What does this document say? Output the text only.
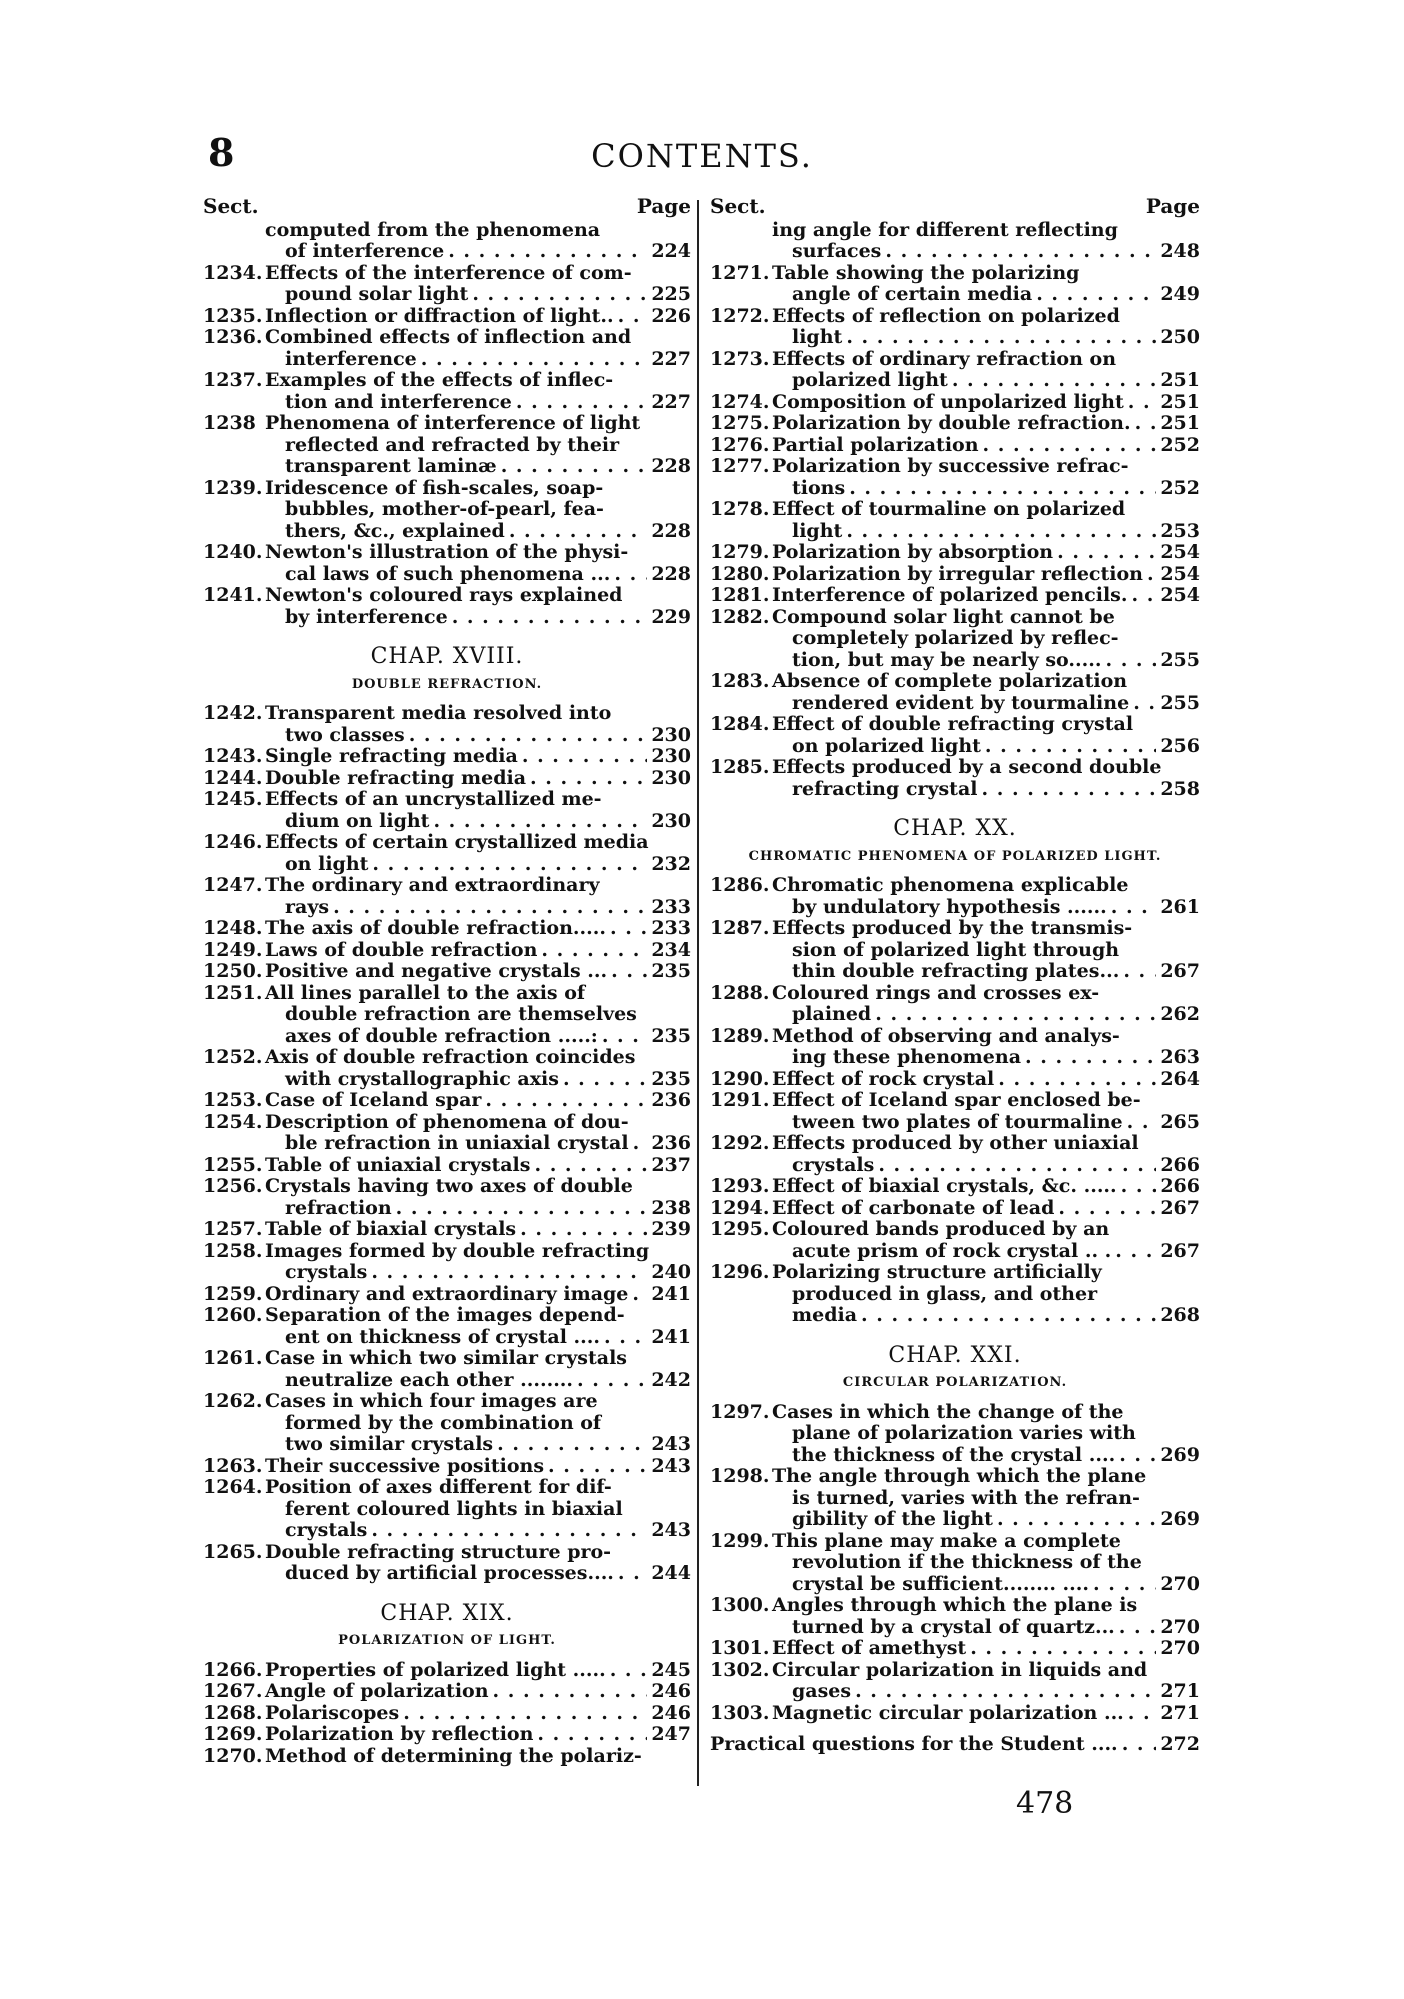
8	CONTENTS.
Sect.	Page
computed from the phenomena
of interference . . .	224
1234. Effects of the interference of com-
pound solar light . . .	225
1235. Inflection or diffraction of light.. . . . 226
1236. Combined effects of inflection and
interference . . .	227
1237. Examples of the effects of inflec-
tion and interference . . .	227
1238 Phenomena of interference of light
reflected and refracted by their
transparent laminæ . . .	228
1239. Iridescence of fish-scales, soap-
bubbles, mother-of-pearl, fea-
thers, &c., explained . . .	228
1240. Newton's illustration of the physi-
cal laws of such phenomena ... . . . 228
1241. Newton's coloured rays explained
by interference . . .	229
CHAP. XVIII.
DOUBLE REFRACTION.
1242. Transparent media resolved into
two classes . . .	230
1243. Single refracting media . . .	230
1244. Double refracting media . . .	230
1245. Effects of an uncrystallized me-
dium on light . . .	230
1246. Effects of certain crystallized media
on light . . .	232
1247. The ordinary and extraordinary
rays . . .	233
1248. The axis of double refraction..... . . . 233
1249. Laws of double refraction . . .	234
1250. Positive and negative crystals ... . . . 235
1251. All lines parallel to the axis of
double refraction are themselves
axes of double refraction .....: . . .	235
1252. Axis of double refraction coincides
with crystallographic axis . . .	235
1253. Case of Iceland spar . . .	236
1254. Description of phenomena of dou-
ble refraction in uniaxial crystal . . . 236
1255. Table of uniaxial crystals . . .	237
1256. Crystals having two axes of double
refraction . . .	238
1257. Table of biaxial crystals . . .	239
1258. Images formed by double refracting
crystals . . .	240
1259. Ordinary and extraordinary image . . . 241
1260. Separation of the images depend-
ent on thickness of crystal .... . . .	241
1261. Case in which two similar crystals
neutralize each other ........ . . .	242
1262. Cases in which four images are
formed by the combination of
two similar crystals . . .	243
1263. Their successive positions . . .	243
1264. Position of axes different for dif-
ferent coloured lights in biaxial
crystals . . .	243
1265. Double refracting structure pro-
duced by artificial processes.... . . . 244
CHAP. XIX.
POLARIZATION OF LIGHT.
1266. Properties of polarized light ..... . . . 245
1267. Angle of polarization . . .	246
1268. Polariscopes . . .	246
1269. Polarization by reflection . . .	247
1270. Method of determining the polariz-
Sect.	Page
ing angle for different reflecting
surfaces . . .	248
1271. Table showing the polarizing
angle of certain media . . .	249
1272. Effects of reflection on polarized
light . . .	250
1273. Effects of ordinary refraction on
polarized light . . .	251
1274. Composition of unpolarized light . . . 251
1275. Polarization by double refraction. . . . 251
1276. Partial polarization . . .	252
1277. Polarization by successive refrac-
tions . . .	252
1278. Effect of tourmaline on polarized
light . . .	253
1279. Polarization by absorption . . .	254
1280. Polarization by irregular reflection . . . 254
1281. Interference of polarized pencils. . . . 254
1282. Compound solar light cannot be
completely polarized by reflec-
tion, but may be nearly so..... . . .	255
1283. Absence of complete polarization
rendered evident by tourmaline . . . 255
1284. Effect of double refracting crystal
on polarized light . . .	256
1285. Effects produced by a second double
refracting crystal . . .	258
CHAP. XX.
CHROMATIC PHENOMENA OF POLARIZED LIGHT.
1286. Chromatic phenomena explicable
by undulatory hypothesis ...... . . .	261
1287. Effects produced by the transmis-
sion of polarized light through
thin double refracting plates... . . . 267
1288. Coloured rings and crosses ex-
plained . . .	262
1289. Method of observing and analys-
ing these phenomena . . .	263
1290. Effect of rock crystal . . .	264
1291. Effect of Iceland spar enclosed be-
tween two plates of tourmaline . . . 265
1292. Effects produced by other uniaxial
crystals . . .	266
1293. Effect of biaxial crystals, &c. ..... . . . 266
1294. Effect of carbonate of lead . . .	267
1295. Coloured bands produced by an
acute prism of rock crystal .. . . . .	267
1296. Polarizing structure artificially
produced in glass, and other
media . . .	268
CHAP. XXI.
CIRCULAR POLARIZATION.
1297. Cases in which the change of the
plane of polarization varies with
the thickness of the crystal .... . . . 269
1298. The angle through which the plane
is turned, varies with the refran-
gibility of the light . . .	269
1299. This plane may make a complete
revolution if the thickness of the
crystal be sufficient........ .... . . .	270
1300. Angles through which the plane is
turned by a crystal of quartz... . . . 270
1301. Effect of amethyst . . .	270
1302. Circular polarization in liquids and
gases . . .	271
1303. Magnetic circular polarization ... . . . 271
Practical questions for the Student .... . . . 272
478
